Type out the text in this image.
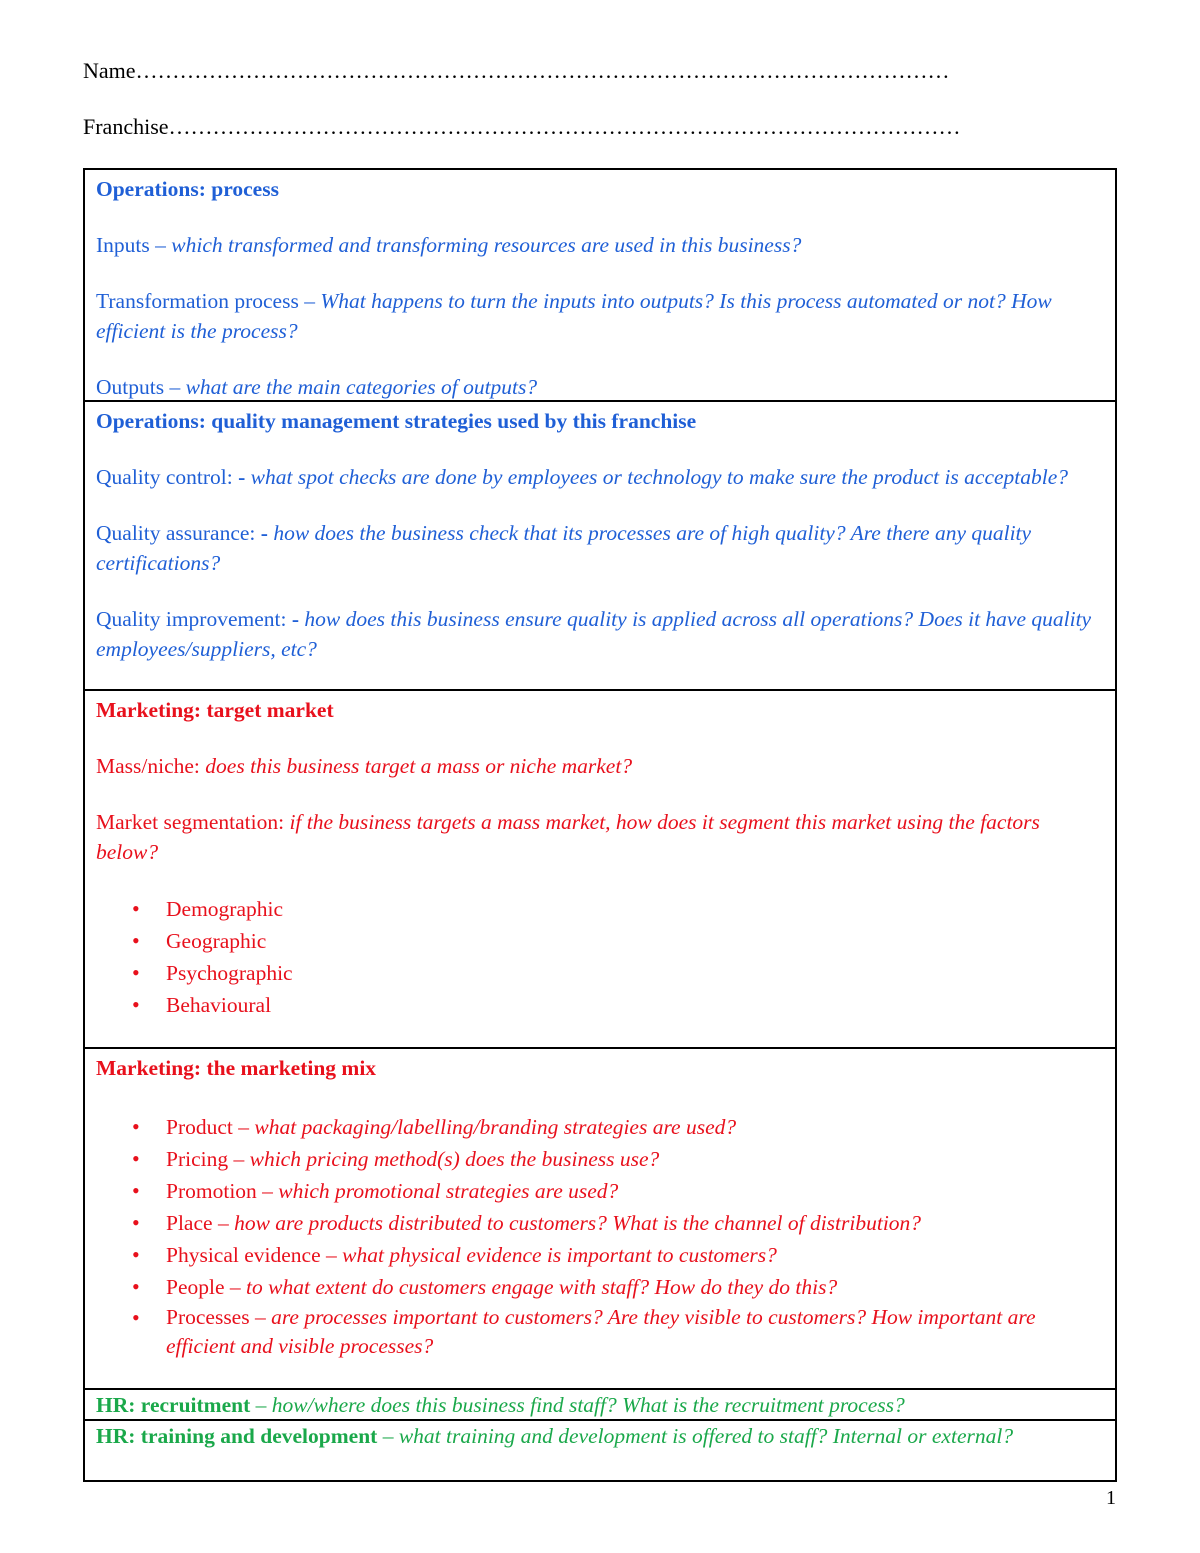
Name…………………………………………………………………………………………………
Franchise………………………………………………………………………………………………

Operations: process

Inputs – which transformed and transforming resources are used in this business?

Transformation process – What happens to turn the inputs into outputs? Is this process automated or not? How efficient is the process?

Outputs – what are the main categories of outputs?

Operations: quality management strategies used by this franchise

Quality control: - what spot checks are done by employees or technology to make sure the product is acceptable?

Quality assurance: - how does the business check that its processes are of high quality? Are there any quality certifications?

Quality improvement: - how does this business ensure quality is applied across all operations? Does it have quality employees/suppliers, etc?

Marketing: target market

Mass/niche: does this business target a mass or niche market?

Market segmentation: if the business targets a mass market, how does it segment this market using the factors below?

• Demographic
• Geographic
• Psychographic
• Behavioural

Marketing: the marketing mix

• Product – what packaging/labelling/branding strategies are used?
• Pricing – which pricing method(s) does the business use?
• Promotion – which promotional strategies are used?
• Place – how are products distributed to customers? What is the channel of distribution?
• Physical evidence – what physical evidence is important to customers?
• People – to what extent do customers engage with staff? How do they do this?
• Processes – are processes important to customers? Are they visible to customers? How important are efficient and visible processes?

HR: recruitment – how/where does this business find staff? What is the recruitment process?

HR: training and development – what training and development is offered to staff? Internal or external?

1
